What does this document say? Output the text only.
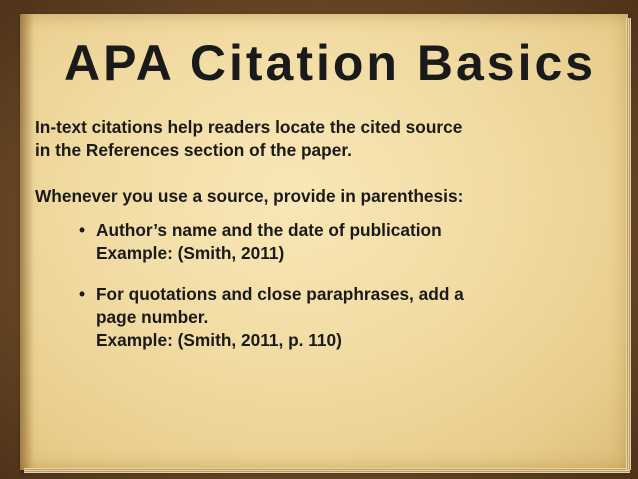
APA Citation Basics

In-text citations help readers locate the cited source
in the References section of the paper.

Whenever you use a source, provide in parenthesis:

• Author’s name and the date of publication
Example: (Smith, 2011)
• For quotations and close paraphrases, add a
page number.
Example: (Smith, 2011, p. 110)
